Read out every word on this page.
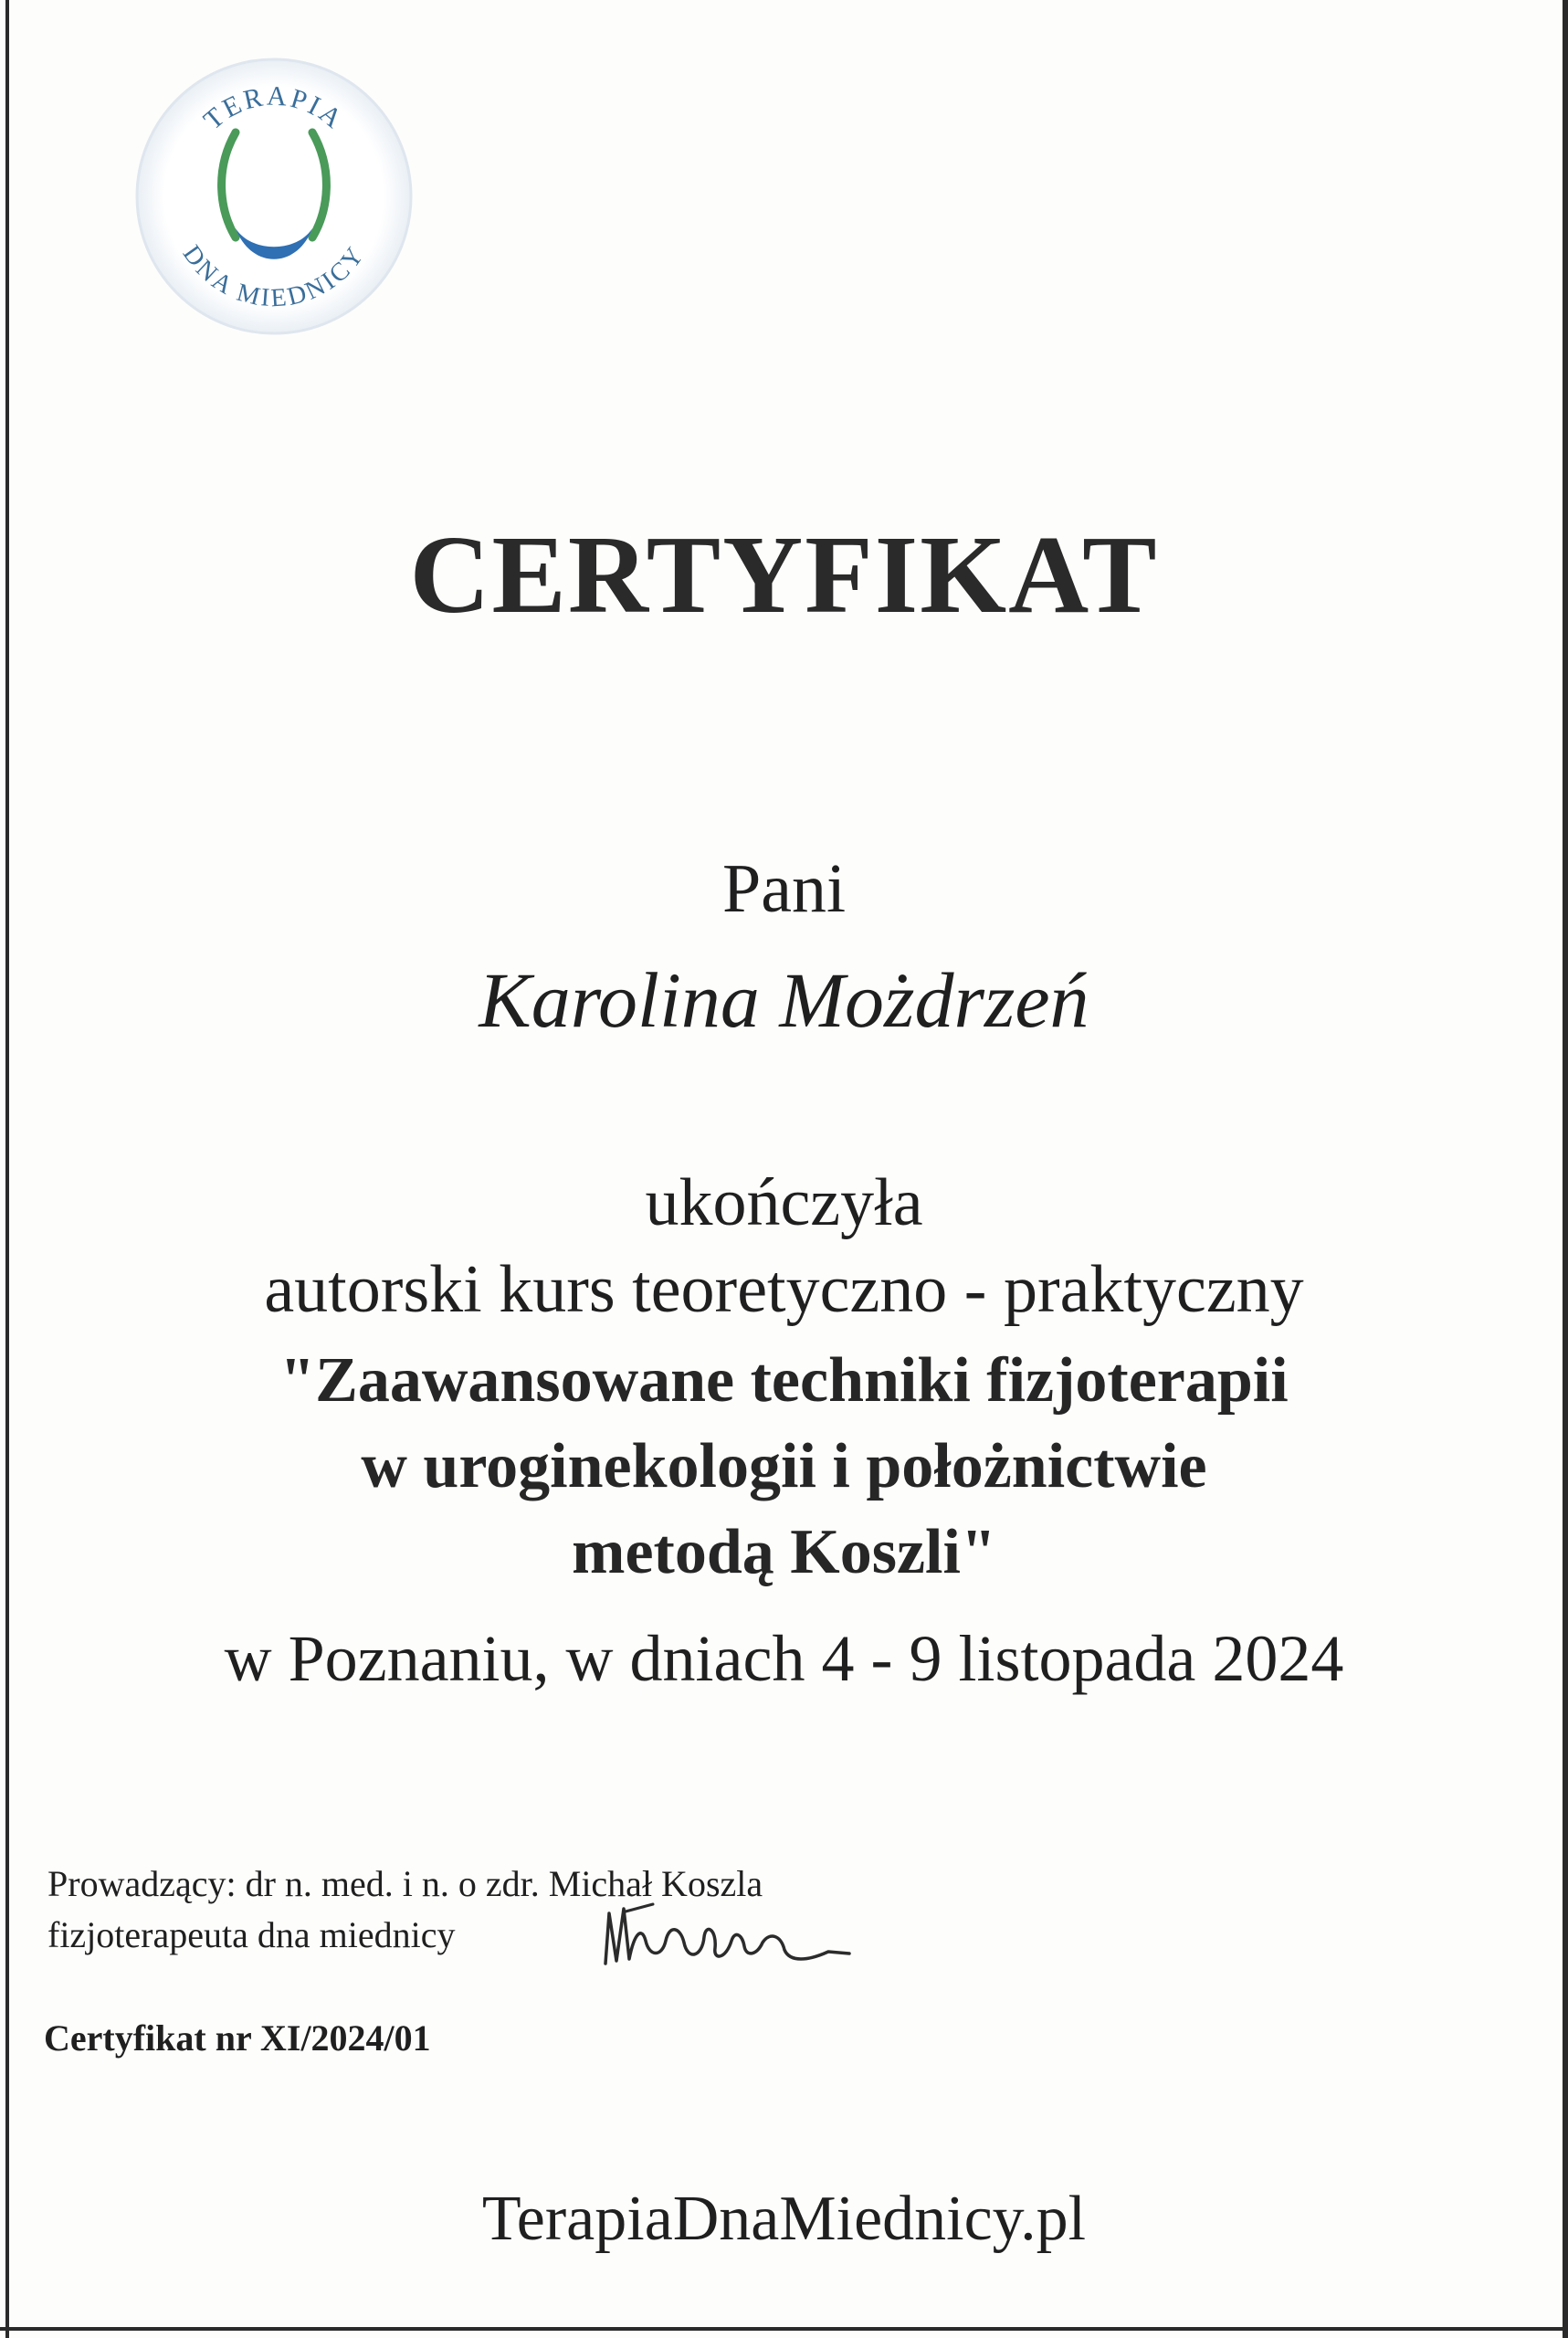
TERAPIA
DNA MIEDNICY
CERTYFIKAT
Pani
Karolina Możdrzeń
ukończyła
autorski kurs teoretyczno - praktyczny
"Zaawansowane techniki fizjoterapii
w uroginekologii i położnictwie
metodą Koszli"
w Poznaniu, w dniach 4 - 9 listopada 2024
Prowadzący: dr n. med. i n. o zdr. Michał Koszla
fizjoterapeuta dna miednicy
Certyfikat nr XI/2024/01
TerapiaDnaMiednicy.pl
